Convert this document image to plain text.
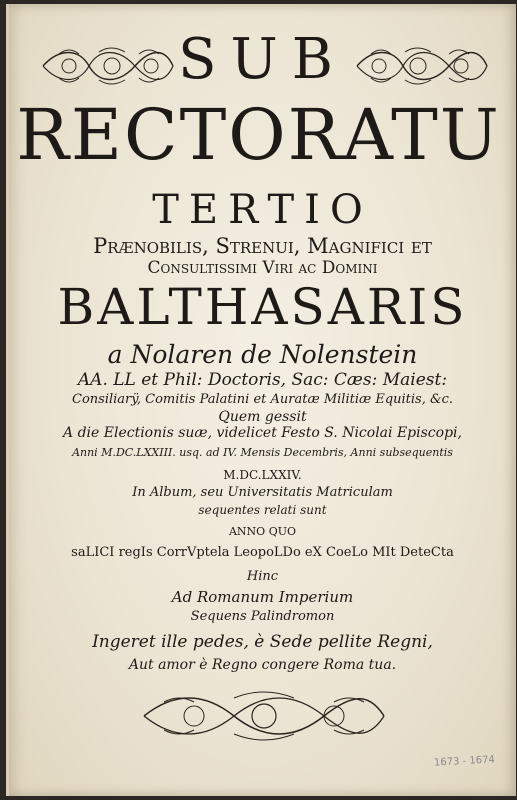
SUB
RECTORATU
TERTIO
Prænobilis, Strenui, Magnifici et
Consultissimi Viri ac Domini
BALTHASARIS
a Nolaren de Nolenstein
AA. LL et Phil: Doctoris, Sac: Cæs: Maiest:
Consiliarÿ, Comitis Palatini et Auratæ Militiæ Equitis, &c.
Quem gessit
A die Electionis suæ, videlicet Festo S. Nicolai Episcopi,
Anni M.DC.LXXIII. usq. ad IV. Mensis Decembris, Anni subsequentis
M.DC.LXXIV.
In Album, seu Universitatis Matriculam
sequentes relati sunt
ANNO QUO
saLICI regIs CorrVptela LeopoLDo eX CoeLo MIt DeteCta
Hinc
Ad Romanum Imperium
Sequens Palindromon
Ingeret ille pedes, è Sede pellite Regni,
Aut amor è Regno congere Roma tua.
1673 - 1674
